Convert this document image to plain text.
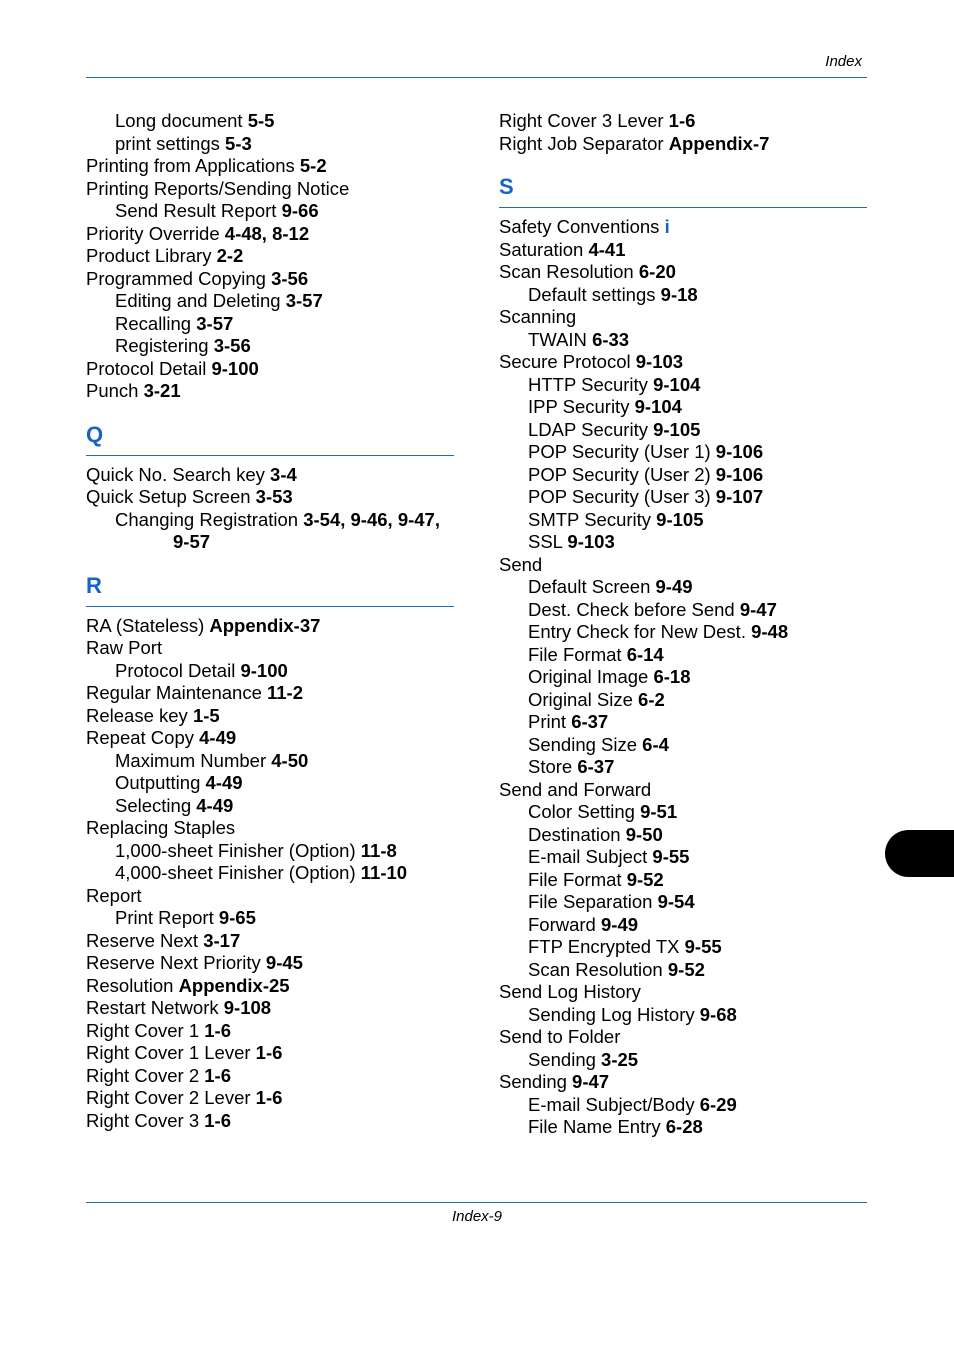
Index
Long document 5-5
print settings 5-3
Printing from Applications 5-2
Printing Reports/Sending Notice
Send Result Report 9-66
Priority Override 4-48, 8-12
Product Library 2-2
Programmed Copying 3-56
Editing and Deleting 3-57
Recalling 3-57
Registering 3-56
Protocol Detail 9-100
Punch 3-21
Q
Quick No. Search key 3-4
Quick Setup Screen 3-53
Changing Registration 3-54, 9-46, 9-47,
9-57
R
RA (Stateless) Appendix-37
Raw Port
Protocol Detail 9-100
Regular Maintenance 11-2
Release key 1-5
Repeat Copy 4-49
Maximum Number 4-50
Outputting 4-49
Selecting 4-49
Replacing Staples
1,000-sheet Finisher (Option) 11-8
4,000-sheet Finisher (Option) 11-10
Report
Print Report 9-65
Reserve Next 3-17
Reserve Next Priority 9-45
Resolution Appendix-25
Restart Network 9-108
Right Cover 1 1-6
Right Cover 1 Lever 1-6
Right Cover 2 1-6
Right Cover 2 Lever 1-6
Right Cover 3 1-6
Right Cover 3 Lever 1-6
Right Job Separator Appendix-7
S
Safety Conventions i
Saturation 4-41
Scan Resolution 6-20
Default settings 9-18
Scanning
TWAIN 6-33
Secure Protocol 9-103
HTTP Security 9-104
IPP Security 9-104
LDAP Security 9-105
POP Security (User 1) 9-106
POP Security (User 2) 9-106
POP Security (User 3) 9-107
SMTP Security 9-105
SSL 9-103
Send
Default Screen 9-49
Dest. Check before Send 9-47
Entry Check for New Dest. 9-48
File Format 6-14
Original Image 6-18
Original Size 6-2
Print 6-37
Sending Size 6-4
Store 6-37
Send and Forward
Color Setting 9-51
Destination 9-50
E-mail Subject 9-55
File Format 9-52
File Separation 9-54
Forward 9-49
FTP Encrypted TX 9-55
Scan Resolution 9-52
Send Log History
Sending Log History 9-68
Send to Folder
Sending 3-25
Sending 9-47
E-mail Subject/Body 6-29
File Name Entry 6-28
Index-9
